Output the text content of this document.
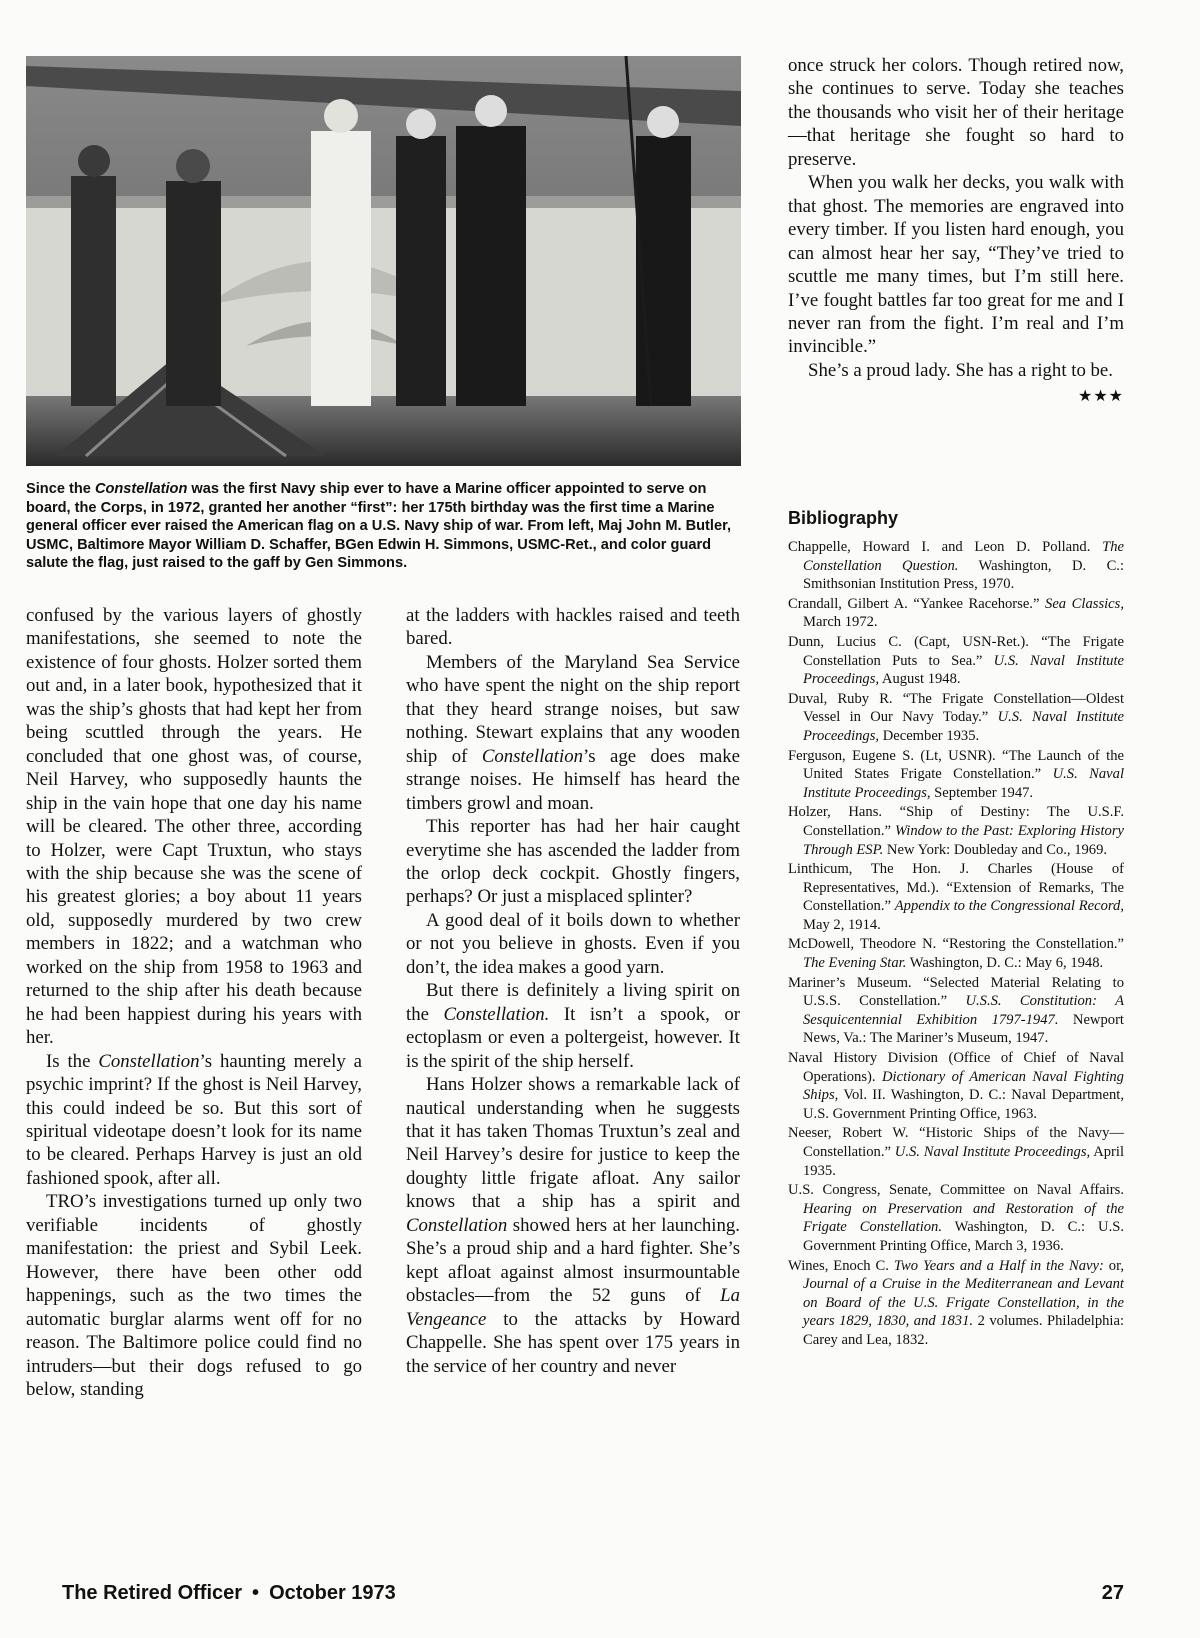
Since the Constellation was the first Navy ship ever to have a Marine officer appointed to serve on board, the Corps, in 1972, granted her another “first”: her 175th birthday was the first time a Marine general officer ever raised the American flag on a U.S. Navy ship of war. From left, Maj John M. Butler, USMC, Baltimore Mayor William D. Schaffer, BGen Edwin H. Simmons, USMC-Ret., and color guard salute the flag, just raised to the gaff by Gen Simmons.

confused by the various layers of ghostly manifestations, she seemed to note the existence of four ghosts. Holzer sorted them out and, in a later book, hypothesized that it was the ship’s ghosts that had kept her from being scuttled through the years. He concluded that one ghost was, of course, Neil Harvey, who supposedly haunts the ship in the vain hope that one day his name will be cleared. The other three, according to Holzer, were Capt Truxtun, who stays with the ship because she was the scene of his greatest glories; a boy about 11 years old, supposedly murdered by two crew members in 1822; and a watchman who worked on the ship from 1958 to 1963 and returned to the ship after his death because he had been happiest during his years with her.

Is the Constellation’s haunting merely a psychic imprint? If the ghost is Neil Harvey, this could indeed be so. But this sort of spiritual videotape doesn’t look for its name to be cleared. Perhaps Harvey is just an old fashioned spook, after all.

TRO’s investigations turned up only two verifiable incidents of ghostly manifestation: the priest and Sybil Leek. However, there have been other odd happenings, such as the two times the automatic burglar alarms went off for no reason. The Baltimore police could find no intruders—but their dogs refused to go below, standing

at the ladders with hackles raised and teeth bared.

Members of the Maryland Sea Service who have spent the night on the ship report that they heard strange noises, but saw nothing. Stewart explains that any wooden ship of Constellation’s age does make strange noises. He himself has heard the timbers growl and moan.

This reporter has had her hair caught everytime she has ascended the ladder from the orlop deck cockpit. Ghostly fingers, perhaps? Or just a misplaced splinter?

A good deal of it boils down to whether or not you believe in ghosts. Even if you don’t, the idea makes a good yarn.

But there is definitely a living spirit on the Constellation. It isn’t a spook, or ectoplasm or even a poltergeist, however. It is the spirit of the ship herself.

Hans Holzer shows a remarkable lack of nautical understanding when he suggests that it has taken Thomas Truxtun’s zeal and Neil Harvey’s desire for justice to keep the doughty little frigate afloat. Any sailor knows that a ship has a spirit and Constellation showed hers at her launching. She’s a proud ship and a hard fighter. She’s kept afloat against almost insurmountable obstacles—from the 52 guns of La Vengeance to the attacks by Howard Chappelle. She has spent over 175 years in the service of her country and never

once struck her colors. Though retired now, she continues to serve. Today she teaches the thousands who visit her of their heritage—that heritage she fought so hard to preserve.

When you walk her decks, you walk with that ghost. The memories are engraved into every timber. If you listen hard enough, you can almost hear her say, “They’ve tried to scuttle me many times, but I’m still here. I’ve fought battles far too great for me and I never ran from the fight. I’m real and I’m invincible.”

She’s a proud lady. She has a right to be.
★★★

Bibliography
Chappelle, Howard I. and Leon D. Polland. The Constellation Question. Washington, D. C.: Smithsonian Institution Press, 1970.
Crandall, Gilbert A. “Yankee Racehorse.” Sea Classics, March 1972.
Dunn, Lucius C. (Capt, USN-Ret.). “The Frigate Constellation Puts to Sea.” U.S. Naval Institute Proceedings, August 1948.
Duval, Ruby R. “The Frigate Constellation—Oldest Vessel in Our Navy Today.” U.S. Naval Institute Proceedings, December 1935.
Ferguson, Eugene S. (Lt, USNR). “The Launch of the United States Frigate Constellation.” U.S. Naval Institute Proceedings, September 1947.
Holzer, Hans. “Ship of Destiny: The U.S.F. Constellation.” Window to the Past: Exploring History Through ESP. New York: Doubleday and Co., 1969.
Linthicum, The Hon. J. Charles (House of Representatives, Md.). “Extension of Remarks, The Constellation.” Appendix to the Congressional Record, May 2, 1914.
McDowell, Theodore N. “Restoring the Constellation.” The Evening Star. Washington, D. C.: May 6, 1948.
Mariner’s Museum. “Selected Material Relating to U.S.S. Constellation.” U.S.S. Constitution: A Sesquicentennial Exhibition 1797-1947. Newport News, Va.: The Mariner’s Museum, 1947.
Naval History Division (Office of Chief of Naval Operations). Dictionary of American Naval Fighting Ships, Vol. II. Washington, D. C.: Naval Department, U.S. Government Printing Office, 1963.
Neeser, Robert W. “Historic Ships of the Navy—Constellation.” U.S. Naval Institute Proceedings, April 1935.
U.S. Congress, Senate, Committee on Naval Affairs. Hearing on Preservation and Restoration of the Frigate Constellation. Washington, D. C.: U.S. Government Printing Office, March 3, 1936.
Wines, Enoch C. Two Years and a Half in the Navy: or, Journal of a Cruise in the Mediterranean and Levant on Board of the U.S. Frigate Constellation, in the years 1829, 1830, and 1831. 2 volumes. Philadelphia: Carey and Lea, 1832.
The Retired Officer • October 1973	27
